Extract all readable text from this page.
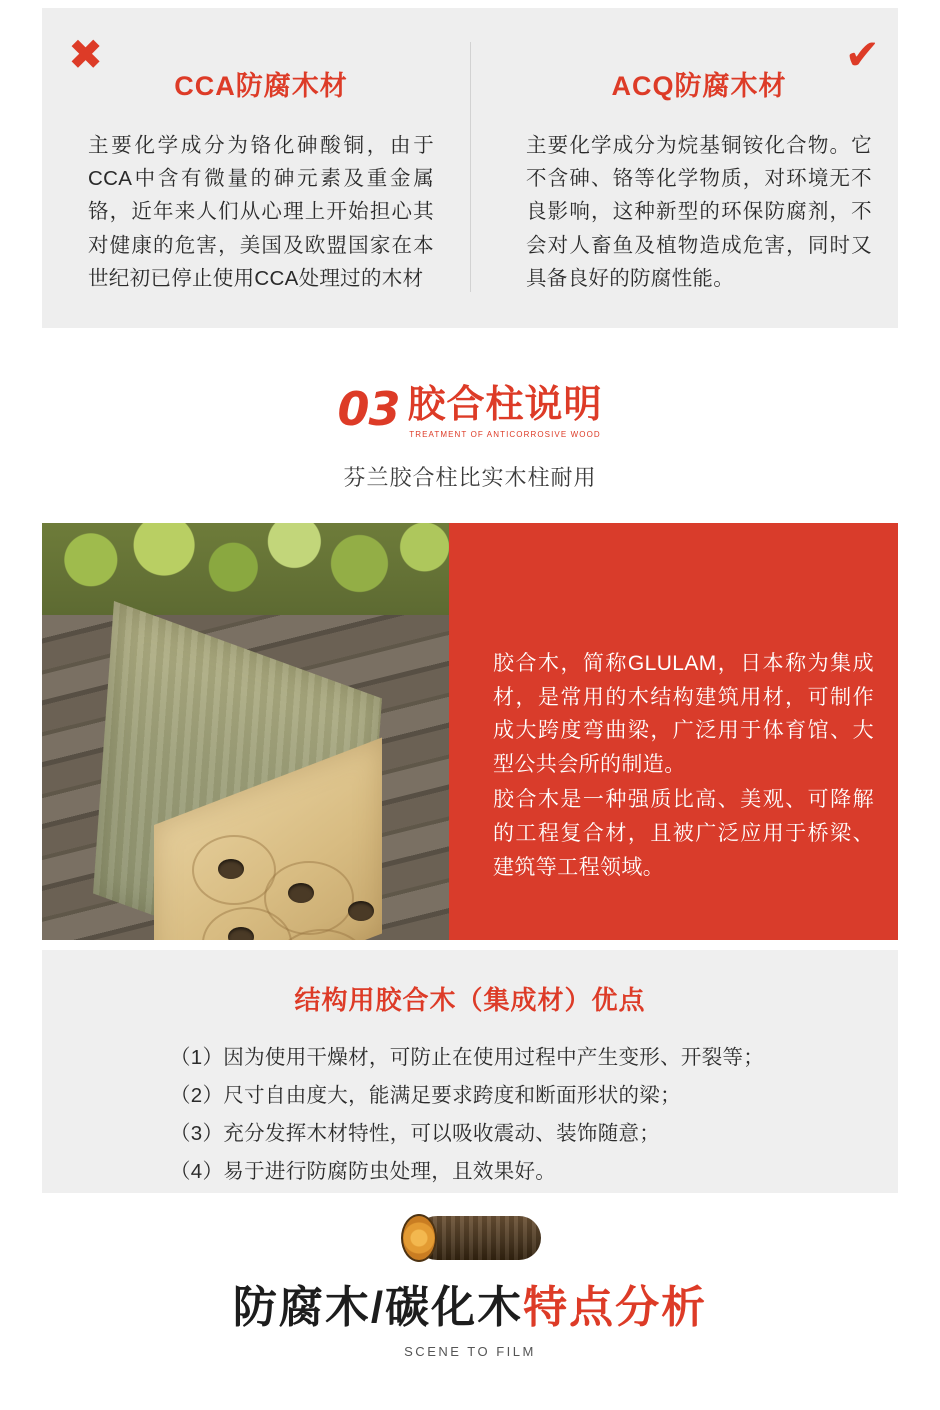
✖
CCA防腐木材

主要化学成分为铬化砷酸铜，由于CCA中含有微量的砷元素及重金属铬，近年来人们从心理上开始担心其对健康的危害，美国及欧盟国家在本世纪初已停止使用CCA处理过的木材

✔
ACQ防腐木材

主要化学成分为烷基铜铵化合物。它不含砷、铬等化学物质，对环境无不良影响，这种新型的环保防腐剂，不会对人畜鱼及植物造成危害，同时又具备良好的防腐性能。

03 胶合柱说明
TREATMENT OF ANTICORROSIVE WOOD
芬兰胶合柱比实木柱耐用

胶合木，简称GLULAM，日本称为集成材，是常用的木结构建筑用材，可制作成大跨度弯曲梁，广泛用于体育馆、大型公共会所的制造。

胶合木是一种强质比高、美观、可降解的工程复合材，且被广泛应用于桥梁、建筑等工程领域。

结构用胶合木（集成材）优点
（1）因为使用干燥材，可防止在使用过程中产生变形、开裂等；
（2）尺寸自由度大，能满足要求跨度和断面形状的梁；
（3）充分发挥木材特性，可以吸收震动、装饰随意；
（4）易于进行防腐防虫处理，且效果好。
防腐木/碳化木特点分析
SCENE TO FILM
